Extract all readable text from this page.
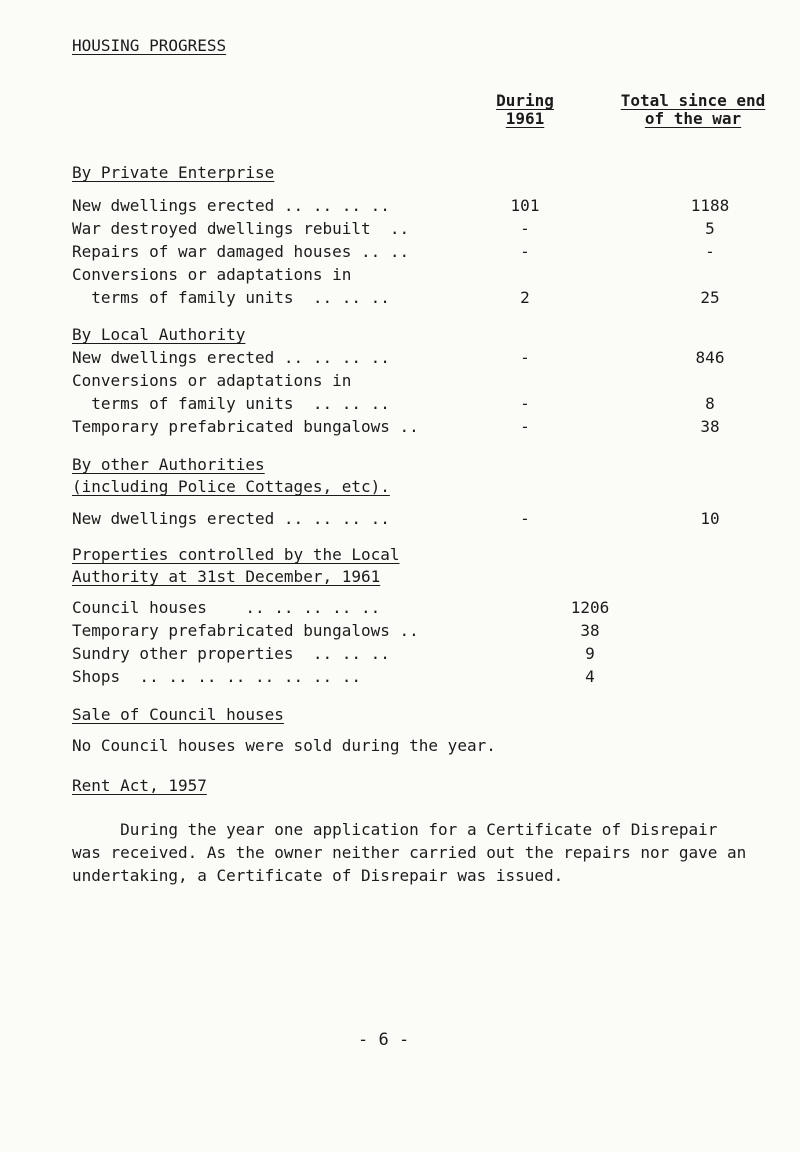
HOUSING PROGRESS
During
1961
Total since end
of the war
By Private Enterprise
New dwellings erected .. .. .. ..	101	1188
War destroyed dwellings rebuilt  ..	-	5
Repairs of war damaged houses .. ..	-	-
Conversions or adaptations in
terms of family units  .. .. ..	2	25
By Local Authority
New dwellings erected .. .. .. ..	-	846
Conversions or adaptations in
terms of family units  .. .. ..	-	8
Temporary prefabricated bungalows ..	-	38
By other Authorities
(including Police Cottages, etc).
New dwellings erected .. .. .. ..	-	10
Properties controlled by the Local
Authority at 31st December, 1961
Council houses    .. .. .. .. ..	1206
Temporary prefabricated bungalows ..	38
Sundry other properties  .. .. ..	9
Shops  .. .. .. .. .. .. .. ..	4
Sale of Council houses
No Council houses were sold during the year.
Rent Act, 1957
During the year one application for a Certificate of Disrepair
was received. As the owner neither carried out the repairs nor gave an
undertaking, a Certificate of Disrepair was issued.
- 6 -
